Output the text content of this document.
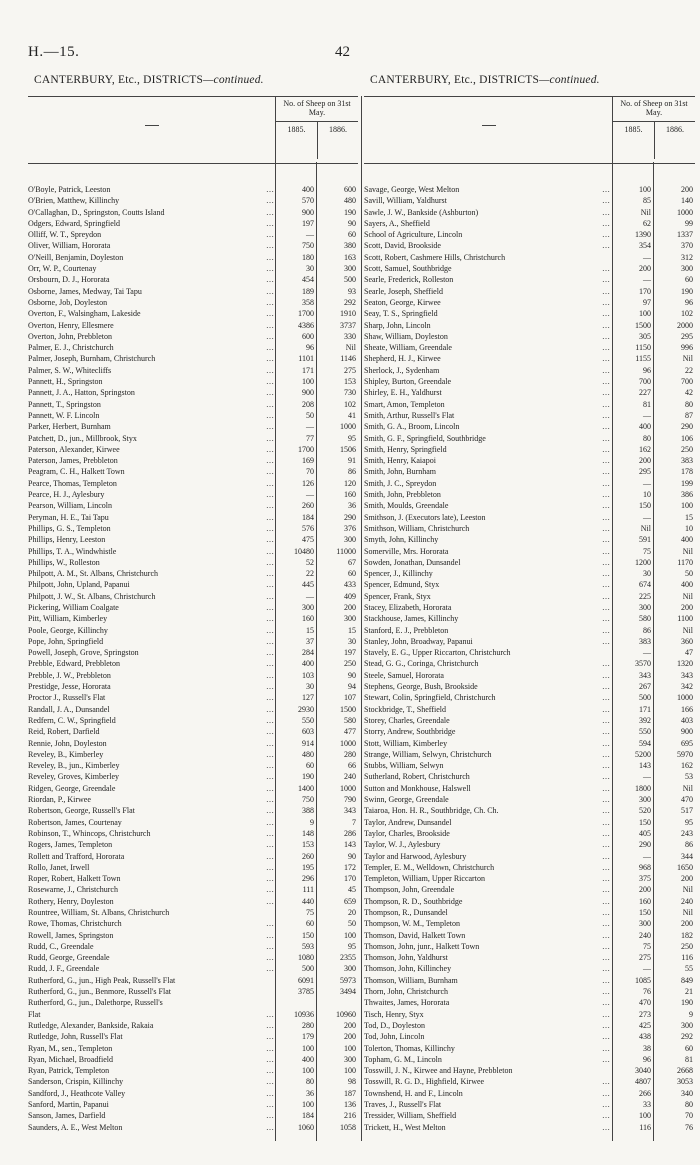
H.—15.	42
CANTERBURY, Etc., DISTRICTS—continued.	CANTERBURY, Etc., DISTRICTS—continued.
No. of Sheep on 31st May.
1885.	1886.
O'Boyle, Patrick, Leeston	…	400	600
O'Brien, Matthew, Killinchy	…	570	480
O'Callaghan, D., Springston, Coutts Island	…	900	190
Odgers, Edward, Springfield	…	197	90
Olliff, W. T., Spreydon	…	—	60
Oliver, William, Hororata	…	750	380
O'Neill, Benjamin, Doyleston	…	180	163
Orr, W. P., Courtenay	…	30	300
Orsbourn, D. J., Hororata	…	454	500
Osborne, James, Medway, Tai Tapu	…	189	93
Osborne, Job, Doyleston	…	358	292
Overton, F., Walsingham, Lakeside	…	1700	1910
Overton, Henry, Ellesmere	…	4386	3737
Overton, John, Prebbleton	…	600	330
Palmer, E. J., Christchurch	…	96	Nil
Palmer, Joseph, Burnham, Christchurch	…	1101	1146
Palmer, S. W., Whitecliffs	…	171	275
Pannett, H., Springston	…	100	153
Pannett, J. A., Hatton, Springston	…	900	730
Pannett, T., Springston	…	208	102
Pannett, W. F. Lincoln	…	50	41
Parker, Herbert, Burnham	…	—	1000
Patchett, D., jun., Millbrook, Styx	…	77	95
Paterson, Alexander, Kirwee	…	1700	1506
Paterson, James, Prebbleton	…	169	91
Peagram, C. H., Halkett Town	…	70	86
Pearce, Thomas, Templeton	…	126	120
Pearce, H. J., Aylesbury	…	—	160
Pearson, William, Lincoln	…	260	36
Peryman, H. E., Tai Tapu	…	184	290
Phillips, G. S., Templeton	…	576	376
Phillips, Henry, Leeston	…	475	300
Phillips, T. A., Windwhistle	…	10480	11000
Phillips, W., Rolleston	…	52	67
Philpott, A. M., St. Albans, Christchurch	…	22	60
Philpott, John, Upland, Papanui	…	445	433
Philpott, J. W., St. Albans, Christchurch	…	—	409
Pickering, William Coalgate	…	300	200
Pitt, William, Kimberley	…	160	300
Poole, George, Killinchy	…	15	15
Pope, John, Springfield	…	37	30
Powell, Joseph, Grove, Springston	…	284	197
Prebble, Edward, Prebbleton	…	400	250
Prebble, J. W., Prebbleton	…	103	90
Prestidge, Jesse, Hororata	…	30	94
Proctor J., Russell's Flat	…	127	107
Randall, J. A., Dunsandel	…	2930	1500
Redfern, C. W., Springfield	…	550	580
Reid, Robert, Darfield	…	603	477
Rennie, John, Doyleston	…	914	1000
Reveley, B., Kimberley	…	480	280
Reveley, B., jun., Kimberley	…	60	66
Reveley, Groves, Kimberley	…	190	240
Ridgen, George, Greendale	…	1400	1000
Riordan, P., Kirwee	…	750	790
Robertson, George, Russell's Flat	…	388	343
Robertson, James, Courtenay	…	9	7
Robinson, T., Whincops, Christchurch	…	148	286
Rogers, James, Templeton	…	153	143
Rollett and Trafford, Hororata	…	260	90
Rollo, Janet, Irwell	…	195	172
Roper, Robert, Halkett Town	…	296	170
Rosewarne, J., Christchurch	…	111	45
Rothery, Henry, Doyleston	…	440	659
Rountree, William, St. Albans, Christchurch	75	20
Rowe, Thomas, Christchurch	…	60	50
Rowell, James, Springston	…	150	100
Rudd, C., Greendale	…	593	95
Rudd, George, Greendale	…	1080	2355
Rudd, J. F., Greendale	…	500	300
Rutherford, G., jun., High Peak, Russell's Flat	6091	5973
Rutherford, G., jun., Benmore, Russell's Flat	3785	3494
Rutherford, G., jun., Dalethorpe, Russell's
Flat	…	10936	10960
Rutledge, Alexander, Bankside, Rakaia	…	280	200
Rutledge, John, Russell's Flat	…	179	200
Ryan, M., sen., Templeton	…	100	100
Ryan, Michael, Broadfield	…	400	300
Ryan, Patrick, Templeton	…	100	100
Sanderson, Crispin, Killinchy	…	80	98
Sandford, J., Heathcote Valley	…	36	187
Sanford, Martin, Papanui	…	100	136
Sanson, James, Darfield	…	184	216
Saunders, A. E., West Melton	…	1060	1058
No. of Sheep on 31st May.
1885.	1886.
Savage, George, West Melton	…	100	200
Savill, William, Yaldhurst	…	85	140
Sawle, J. W., Bankside (Ashburton)	…	Nil	1000
Sayers, A., Sheffield	…	62	99
School of Agriculture, Lincoln	…	1390	1337
Scott, David, Brookside	…	354	370
Scott, Robert, Cashmere Hills, Christchurch	—	312
Scott, Samuel, Southbridge	…	200	300
Searle, Frederick, Rolleston	…	—	60
Searle, Joseph, Sheffield	…	170	190
Seaton, George, Kirwee	…	97	96
Seay, T. S., Springfield	…	100	102
Sharp, John, Lincoln	…	1500	2000
Shaw, William, Doyleston	…	305	295
Sheate, William, Greendale	…	1150	996
Shepherd, H. J., Kirwee	…	1155	Nil
Sherlock, J., Sydenham	…	96	22
Shipley, Burton, Greendale	…	700	700
Shirley, E. H., Yaldhurst	…	227	42
Smart, Amon, Templeton	…	81	80
Smith, Arthur, Russell's Flat	…	—	87
Smith, G. A., Broom, Lincoln	…	400	290
Smith, G. F., Springfield, Southbridge	…	80	106
Smith, Henry, Springfield	…	162	250
Smith, Henry, Kaiapoi	…	200	383
Smith, John, Burnham	…	295	178
Smith, J. C., Spreydon	…	—	199
Smith, John, Prebbleton	…	10	386
Smith, Moulds, Greendale	…	150	100
Smithson, J. (Executors late), Leeston	…	—	15
Smithson, William, Christchurch	…	Nil	10
Smyth, John, Killinchy	…	591	400
Somerville, Mrs. Hororata	…	75	Nil
Sowden, Jonathan, Dunsandel	…	1200	1170
Spencer, J., Killinchy	…	30	50
Spencer, Edmund, Styx	…	674	400
Spencer, Frank, Styx	…	225	Nil
Stacey, Elizabeth, Hororata	…	300	200
Stackhouse, James, Killinchy	…	580	1100
Stanford, E. J., Prebbleton	…	86	Nil
Stanley, John, Broadway, Papanui	…	383	360
Stavely, E. G., Upper Riccarton, Christchurch	—	47
Stead, G. G., Coringa, Christchurch	…	3570	1320
Steele, Samuel, Hororata	…	343	343
Stephens, George, Bush, Brookside	…	267	342
Stewart, Colin, Springfield, Christchurch	…	500	1000
Stockbridge, T., Sheffield	…	171	166
Storey, Charles, Greendale	…	392	403
Storry, Andrew, Southbridge	…	550	900
Stott, William, Kimberley	…	594	695
Strange, William, Selwyn, Christchurch	…	5200	5970
Stubbs, William, Selwyn	…	143	162
Sutherland, Robert, Christchurch	…	—	53
Sutton and Monkhouse, Halswell	…	1800	Nil
Swinn, George, Greendale	…	300	470
Taiaroa, Hon. H. R., Southbridge, Ch. Ch.	…	520	517
Taylor, Andrew, Dunsandel	…	150	95
Taylor, Charles, Brookside	…	405	243
Taylor, W. J., Aylesbury	…	290	86
Taylor and Harwood, Aylesbury	…	—	344
Templer, E. M., Welldown, Christchurch	…	968	1650
Templeton, William, Upper Riccarton	…	375	200
Thompson, John, Greendale	…	200	Nil
Thompson, R. D., Southbridge	…	160	240
Thompson, R., Dunsandel	…	150	Nil
Thompson, W. M., Templeton	…	300	200
Thomson, David, Halkett Town	…	240	182
Thomson, John, junr., Halkett Town	…	75	250
Thomson, John, Yaldhurst	…	275	116
Thomson, John, Killinchey	…	—	55
Thomson, William, Burnham	…	1085	849
Thorn, John, Christchurch	…	76	21
Thwaites, James, Hororata	…	470	190
Tisch, Henry, Styx	…	273	9
Tod, D., Doyleston	…	425	300
Tod, John, Lincoln	…	438	292
Tolerton, Thomas, Killinchy	…	38	60
Topham, G. M., Lincoln	…	96	81
Tosswill, J. N., Kirwee and Hayne, Prebbleton	3040	2668
Tosswill, R. G. D., Highfield, Kirwee	…	4807	3053
Townshend, H. and F., Lincoln	…	266	340
Traves, J., Russell's Flat	…	33	80
Tressider, William, Sheffield	…	100	70
Trickett, H., West Melton	…	116	76
